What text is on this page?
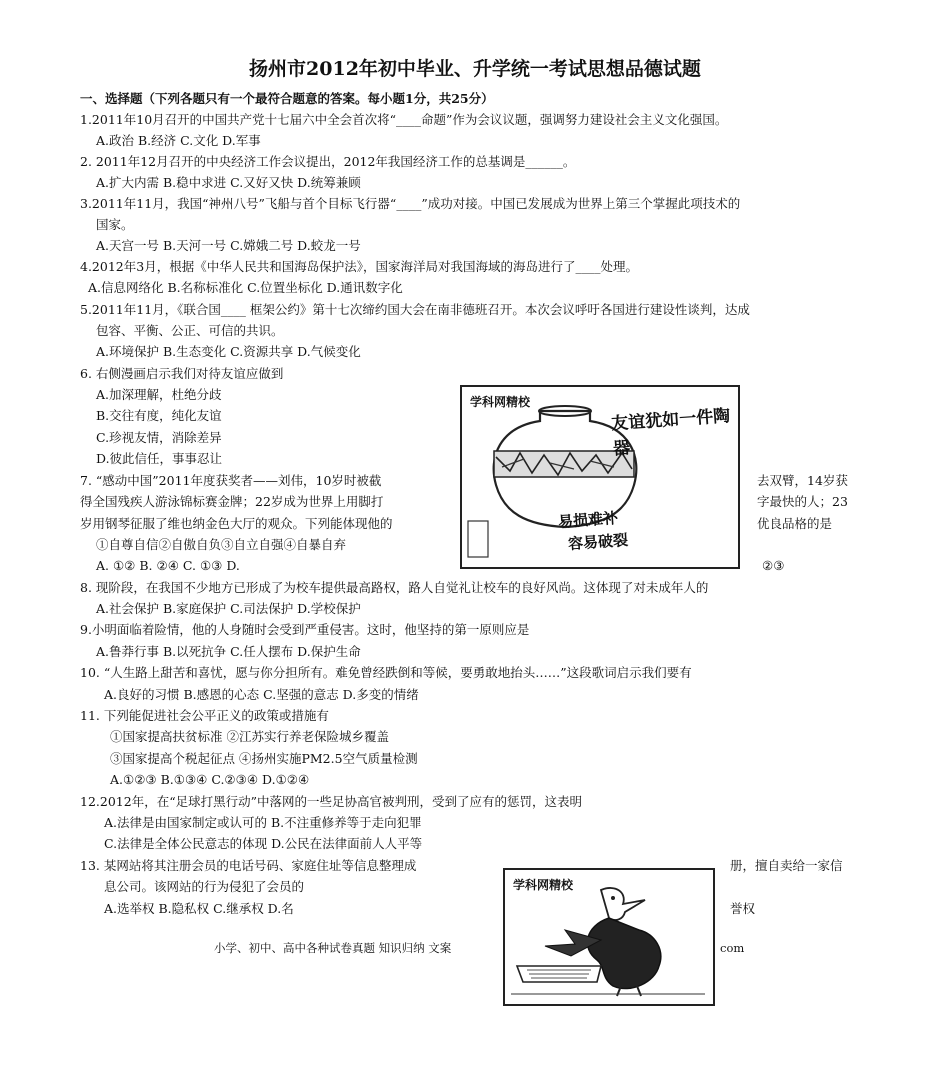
扬州市2012年初中毕业、升学统一考试思想品德试题
一、选择题（下列各题只有一个最符合题意的答案。每小题1分，共25分）
1.2011年10月召开的中国共产党十七届六中全会首次将“____命题”作为会议议题，强调努力建设社会主义文化强国。
A.政治 B.经济 C.文化 D.军事
2. 2011年12月召开的中央经济工作会议提出，2012年我国经济工作的总基调是______。
A.扩大内需 B.稳中求进 C.又好又快 D.统筹兼顾
3.2011年11月，我国“神州八号”飞船与首个目标飞行器“____”成功对接。中国已发展成为世界上第三个掌握此项技术的
国家。
A.天宫一号 B.天河一号 C.嫦娥二号 D.蛟龙一号
4.2012年3月，根据《中华人民共和国海岛保护法》，国家海洋局对我国海域的海岛进行了____处理。
A.信息网络化 B.名称标准化 C.位置坐标化 D.通讯数字化
5.2011年11月，《联合国____ 框架公约》第十七次缔约国大会在南非德班召开。本次会议呼吁各国进行建设性谈判，达成
包容、平衡、公正、可信的共识。
A.环境保护 B.生态变化 C.资源共享 D.气候变化
6. 右侧漫画启示我们对待友谊应做到
A.加深理解，杜绝分歧
B.交往有度，纯化友谊
C.珍视友情，消除差异
D.彼此信任，事事忍让
7. “感动中国”2011年度获奖者——刘伟，10岁时被截	去双臂，14岁获
得全国残疾人游泳锦标赛金牌；22岁成为世界上用脚打	字最快的人；23
岁用钢琴征服了维也纳金色大厅的观众。下列能体现他的	优良品格的是
①自尊自信②自傲自负③自立自强④自暴自弃
A. ①② B. ②④ C. ①③ D.	②③
8. 现阶段，在我国不少地方已形成了为校车提供最高路权，路人自觉礼让校车的良好风尚。这体现了对未成年人的
A.社会保护 B.家庭保护 C.司法保护 D.学校保护
9.小明面临着险情，他的人身随时会受到严重侵害。这时，他坚持的第一原则应是
A.鲁莽行事 B.以死抗争 C.任人摆布 D.保护生命
10. “人生路上甜苦和喜忧，愿与你分担所有。难免曾经跌倒和等候，要勇敢地抬头……”这段歌词启示我们要有
A.良好的习惯 B.感恩的心态 C.坚强的意志 D.多变的情绪
11. 下列能促进社会公平正义的政策或措施有
①国家提高扶贫标准 ②江苏实行养老保险城乡覆盖
③国家提高个税起征点 ④扬州实施PM2.5空气质量检测
A.①②③ B.①③④ C.②③④ D.①②④
12.2012年，在“足球打黑行动”中落网的一些足协高官被判刑，受到了应有的惩罚，这表明
A.法律是由国家制定或认可的 B.不注重修养等于走向犯罪
C.法律是全体公民意志的体现 D.公民在法律面前人人平等
13. 某网站将其注册会员的电话号码、家庭住址等信息整理成	册，擅自卖给一家信
息公司。该网站的行为侵犯了会员的
A.选举权 B.隐私权 C.继承权 D.名	誉权
小学、初中、高中各种试卷真题 知识归纳 文案	com
学科网精校
友谊犹如一件陶器
易损难补
容易破裂
学科网精校
